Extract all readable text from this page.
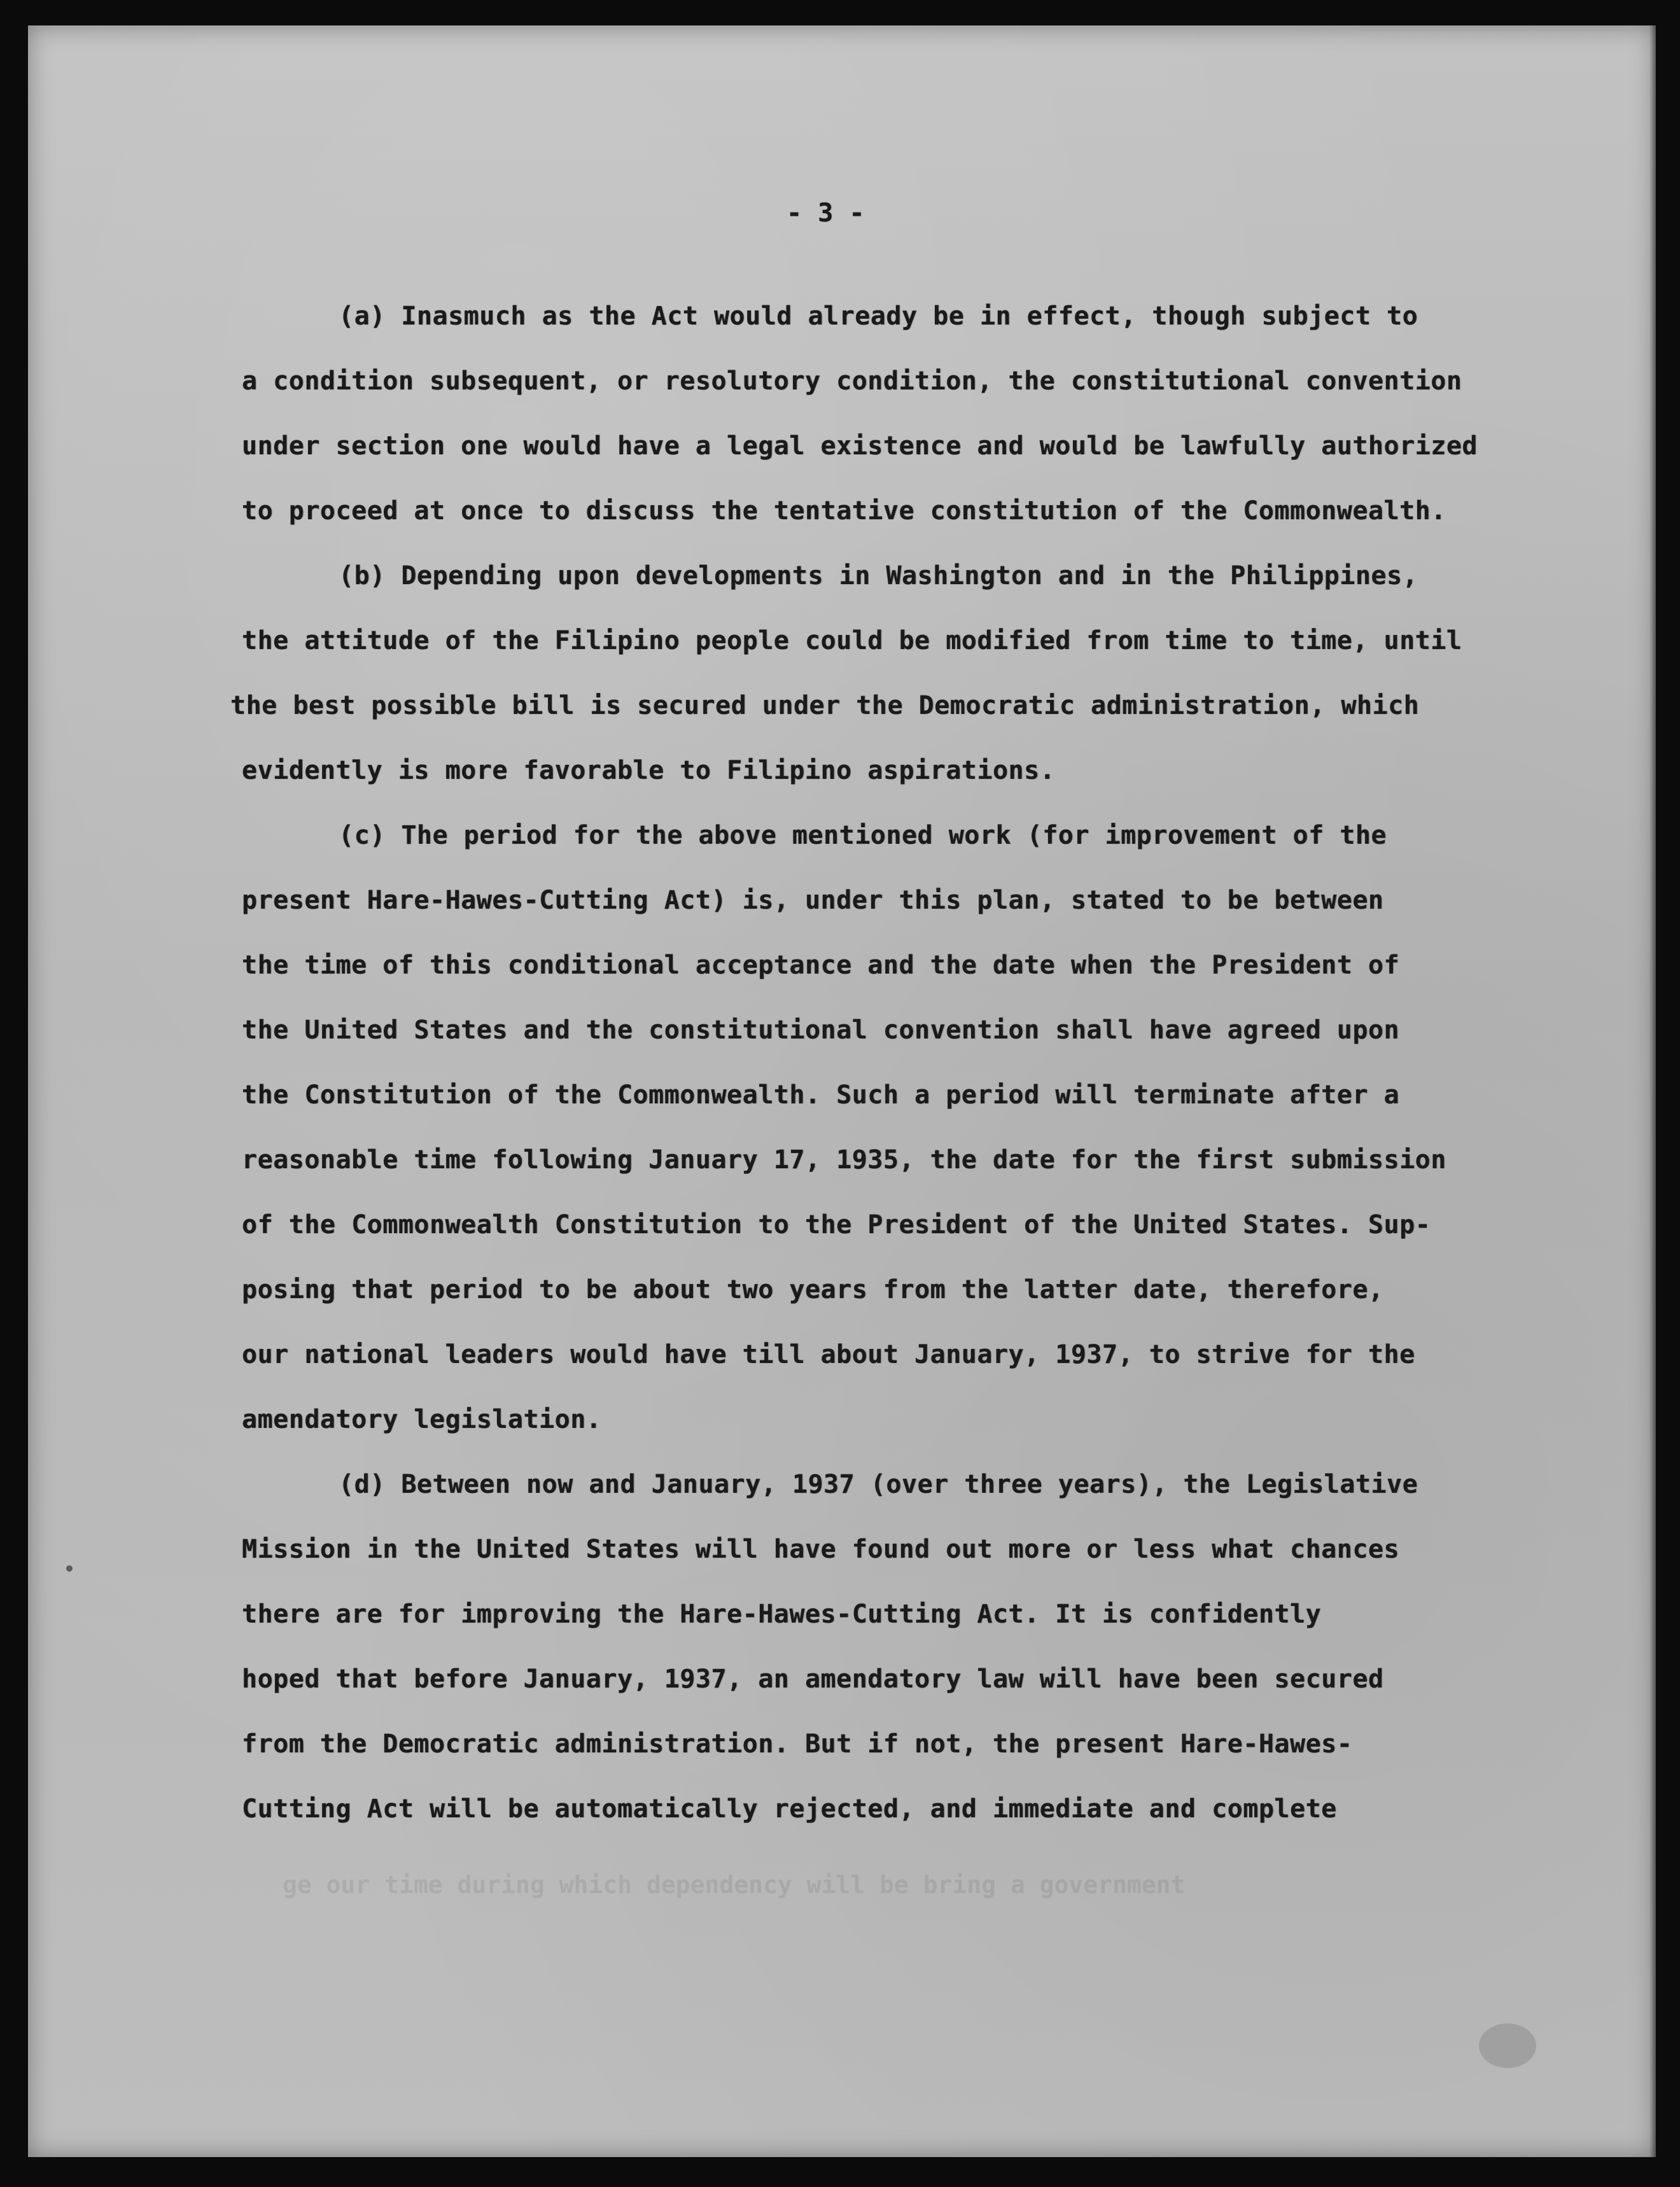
ge our time during which dependency will be bring a government
- 3 -
(a) Inasmuch as the Act would already be in effect, though subject to
a condition subsequent, or resolutory condition, the constitutional convention
under section one would have a legal existence and would be lawfully authorized
to proceed at once to discuss the tentative constitution of the Commonwealth.
(b) Depending upon developments in Washington and in the Philippines,
the attitude of the Filipino people could be modified from time to time, until
the best possible bill is secured under the Democratic administration, which
evidently is more favorable to Filipino aspirations.
(c) The period for the above mentioned work (for improvement of the
present Hare-Hawes-Cutting Act) is, under this plan, stated to be between
the time of this conditional acceptance and the date when the President of
the United States and the constitutional convention shall have agreed upon
the Constitution of the Commonwealth. Such a period will terminate after a
reasonable time following January 17, 1935, the date for the first submission
of the Commonwealth Constitution to the President of the United States. Sup-
posing that period to be about two years from the latter date, therefore,
our national leaders would have till about January, 1937, to strive for the
amendatory legislation.
(d) Between now and January, 1937 (over three years), the Legislative
Mission in the United States will have found out more or less what chances
there are for improving the Hare-Hawes-Cutting Act. It is confidently
hoped that before January, 1937, an amendatory law will have been secured
from the Democratic administration. But if not, the present Hare-Hawes-
Cutting Act will be automatically rejected, and immediate and complete
